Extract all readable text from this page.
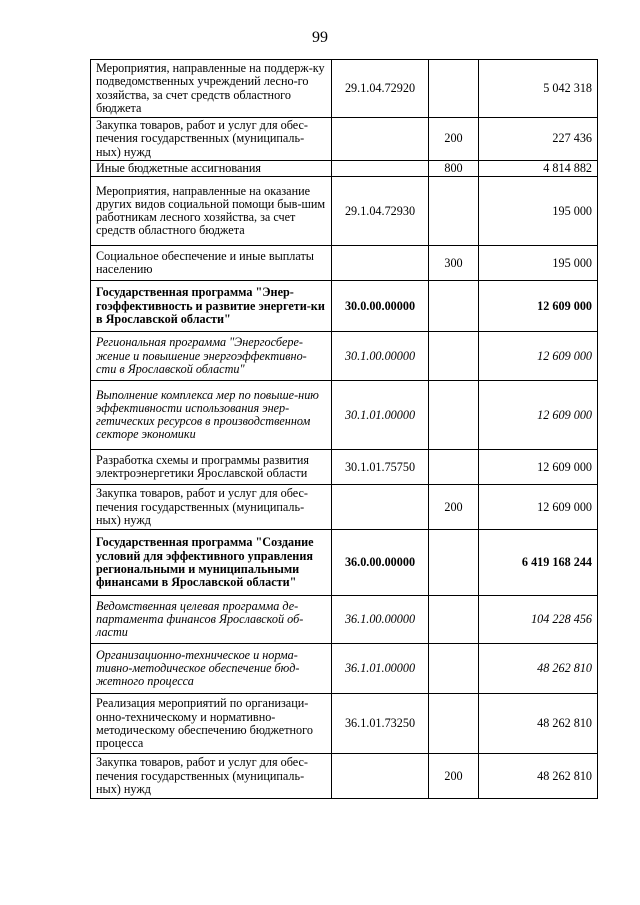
99
Мероприятия, направленные на поддерж-ку подведомственных учреждений лесно-го хозяйства, за счет средств областного бюджета	29.1.04.72920		5 042 318
Закупка товаров, работ и услуг для обес-печения государственных (муниципаль-ных) нужд		200	227 436
Иные бюджетные ассигнования		800	4 814 882
Мероприятия, направленные на оказание других видов социальной помощи быв-шим работникам лесного хозяйства, за счет средств областного бюджета	29.1.04.72930		195 000
Социальное обеспечение и иные выплаты населению		300	195 000
Государственная программа "Энер-гоэффективность и развитие энергети-ки в Ярославской области"	30.0.00.00000		12 609 000
Региональная программа "Энергосбере-жение и повышение энергоэффективно-сти в Ярославской области"	30.1.00.00000		12 609 000
Выполнение комплекса мер по повыше-нию эффективности использования энер-гетических ресурсов в производственном секторе экономики	30.1.01.00000		12 609 000
Разработка схемы и программы развития электроэнергетики Ярославской области	30.1.01.75750		12 609 000
Закупка товаров, работ и услуг для обес-печения государственных (муниципаль-ных) нужд		200	12 609 000
Государственная программа "Создание условий для эффективного управления региональными и муниципальными финансами в Ярославской области"	36.0.00.00000		6 419 168 244
Ведомственная целевая программа де-партамента финансов Ярославской об-ласти	36.1.00.00000		104 228 456
Организационно-техническое и норма-тивно-методическое обеспечение бюд-жетного процесса	36.1.01.00000		48 262 810
Реализация мероприятий по организаци-онно-техническому и нормативно-методическому обеспечению бюджетного процесса	36.1.01.73250		48 262 810
Закупка товаров, работ и услуг для обес-печения государственных (муниципаль-ных) нужд		200	48 262 810
